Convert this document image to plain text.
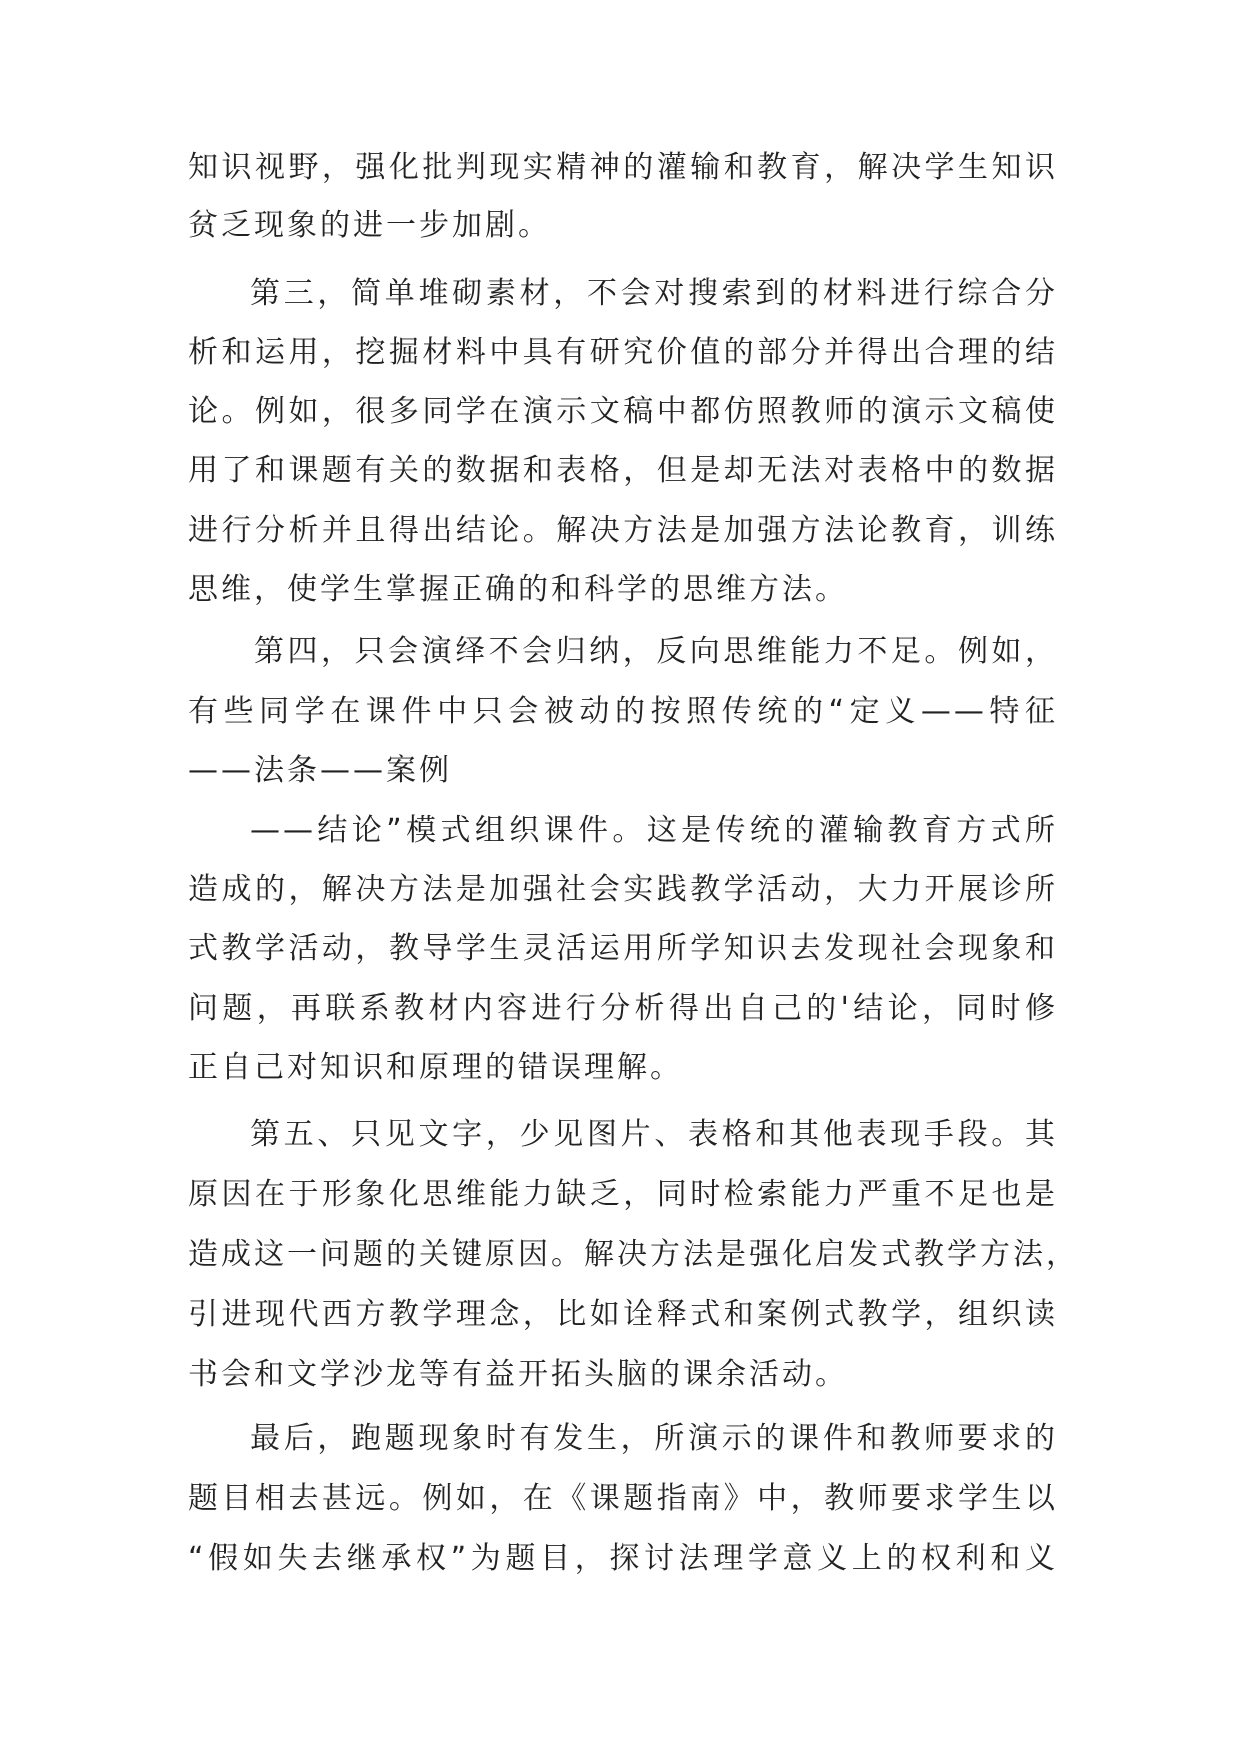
知识视野，强化批判现实精神的灌输和教育，解决学生知识
贫乏现象的进一步加剧。
第三，简单堆砌素材，不会对搜索到的材料进行综合分
析和运用，挖掘材料中具有研究价值的部分并得出合理的结
论。例如，很多同学在演示文稿中都仿照教师的演示文稿使
用了和课题有关的数据和表格，但是却无法对表格中的数据
进行分析并且得出结论。解决方法是加强方法论教育，训练
思维，使学生掌握正确的和科学的思维方法。
第四，只会演绎不会归纳，反向思维能力不足。例如，
有些同学在课件中只会被动的按照传统的“定义——特征
——法条——案例
——结论”模式组织课件。这是传统的灌输教育方式所
造成的，解决方法是加强社会实践教学活动，大力开展诊所
式教学活动，教导学生灵活运用所学知识去发现社会现象和
问题，再联系教材内容进行分析得出自己的'结论，同时修
正自己对知识和原理的错误理解。
第五、只见文字，少见图片、表格和其他表现手段。其
原因在于形象化思维能力缺乏，同时检索能力严重不足也是
造成这一问题的关键原因。解决方法是强化启发式教学方法，
引进现代西方教学理念，比如诠释式和案例式教学，组织读
书会和文学沙龙等有益开拓头脑的课余活动。
最后，跑题现象时有发生，所演示的课件和教师要求的
题目相去甚远。例如，在《课题指南》中，教师要求学生以
“假如失去继承权”为题目，探讨法理学意义上的权利和义
